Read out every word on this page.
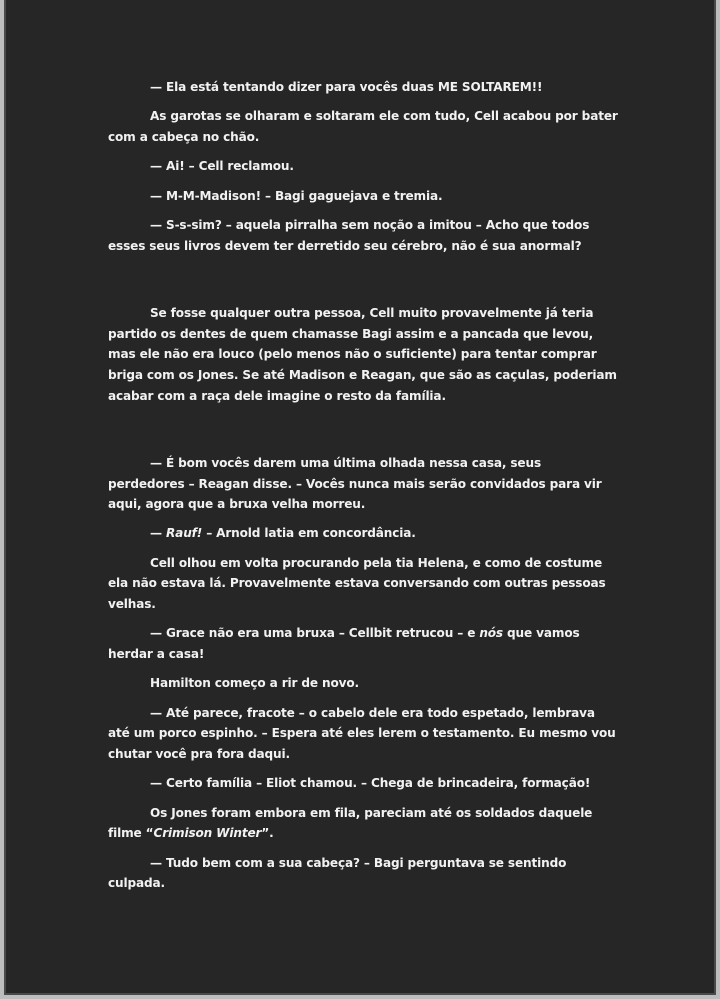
— Ela está tentando dizer para vocês duas ME SOLTAREM!!

As garotas se olharam e soltaram ele com tudo, Cell acabou por bater com a cabeça no chão.

— Ai! – Cell reclamou.

— M-M-Madison! – Bagi gaguejava e tremia.

— S-s-sim? – aquela pirralha sem noção a imitou – Acho que todos esses seus livros devem ter derretido seu cérebro, não é sua anormal?

Se fosse qualquer outra pessoa, Cell muito provavelmente já teria partido os dentes de quem chamasse Bagi assim e a pancada que levou, mas ele não era louco (pelo menos não o suficiente) para tentar comprar briga com os Jones. Se até Madison e Reagan, que são as caçulas, poderiam acabar com a raça dele imagine o resto da família.

— É bom vocês darem uma última olhada nessa casa, seus perdedores – Reagan disse. – Vocês nunca mais serão convidados para vir aqui, agora que a bruxa velha morreu.

— Rauf! – Arnold latia em concordância.

Cell olhou em volta procurando pela tia Helena, e como de costume ela não estava lá. Provavelmente estava conversando com outras pessoas velhas.

— Grace não era uma bruxa – Cellbit retrucou – e nós que vamos herdar a casa!

Hamilton começo a rir de novo.

— Até parece, fracote – o cabelo dele era todo espetado, lembrava até um porco espinho. – Espera até eles lerem o testamento. Eu mesmo vou chutar você pra fora daqui.

— Certo família – Eliot chamou. – Chega de brincadeira, formação!

Os Jones foram embora em fila, pareciam até os soldados daquele filme “Crimison Winter”.

— Tudo bem com a sua cabeça? – Bagi perguntava se sentindo culpada.
